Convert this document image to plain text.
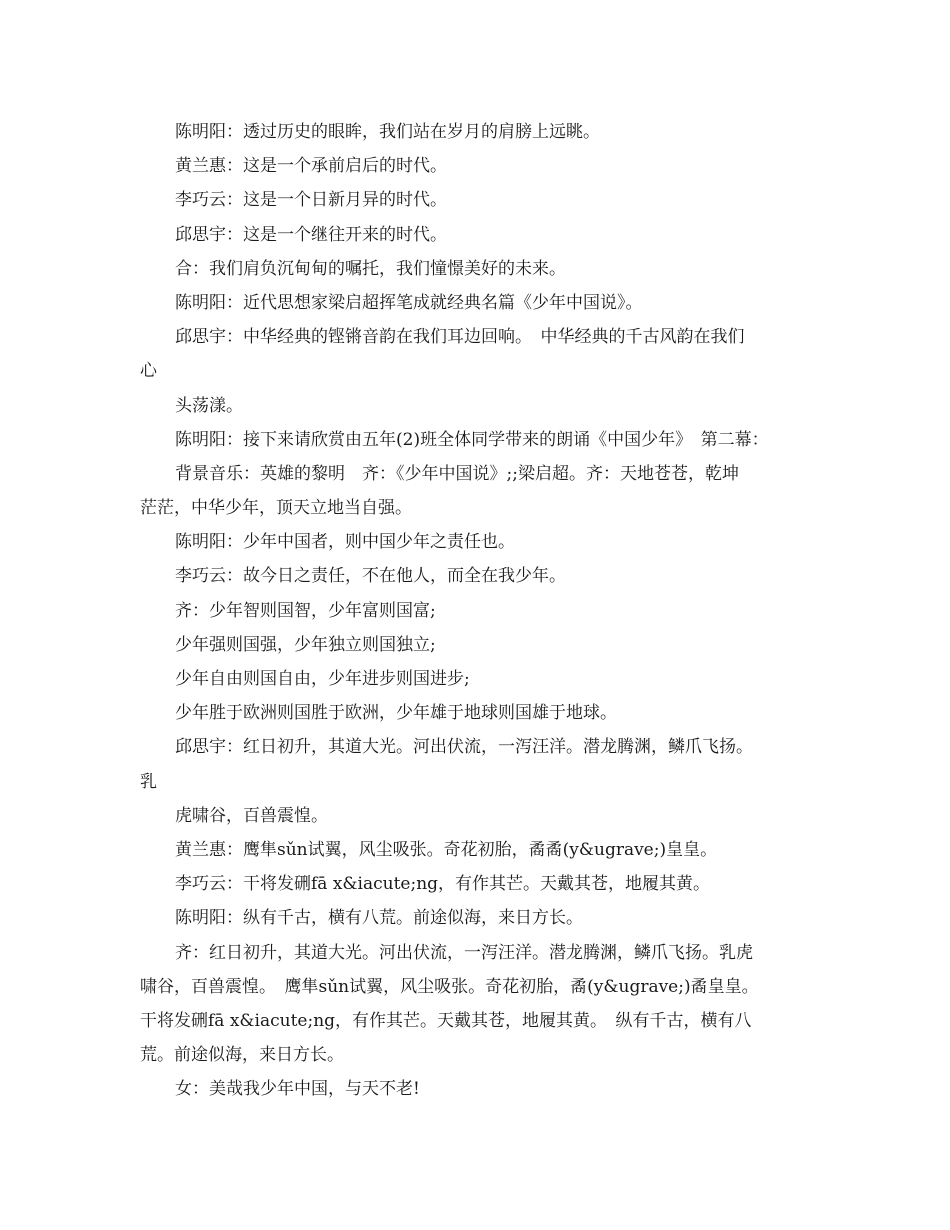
陈明阳：透过历史的眼眸，我们站在岁月的肩膀上远眺。
黄兰惠：这是一个承前启后的时代。
李巧云：这是一个日新月异的时代。
邱思宇：这是一个继往开来的时代。
合：我们肩负沉甸甸的嘱托，我们憧憬美好的未来。
陈明阳：近代思想家梁启超挥笔成就经典名篇《少年中国说》。
邱思宇：中华经典的铿锵音韵在我们耳边回响。　中华经典的千古风韵在我们
心
头荡漾。
陈明阳：接下来请欣赏由五年(2)班全体同学带来的朗诵《中国少年》　第二幕：
背景音乐：英雄的黎明　齐：《少年中国说》;;梁启超。齐：天地苍苍，乾坤
茫茫，中华少年，顶天立地当自强。
陈明阳：少年中国者，则中国少年之责任也。
李巧云：故今日之责任，不在他人，而全在我少年。
齐：少年智则国智，少年富则国富;
少年强则国强，少年独立则国独立;
少年自由则国自由，少年进步则国进步;
少年胜于欧洲则国胜于欧洲，少年雄于地球则国雄于地球。
邱思宇：红日初升，其道大光。河出伏流，一泻汪洋。潜龙腾渊，鳞爪飞扬。
乳
虎啸谷，百兽震惶。
黄兰惠：鹰隼sǔn试翼，风尘吸张。奇花初胎，矞矞(y&ugrave;)皇皇。
李巧云：干将发硎fā x&iacute;ng，有作其芒。天戴其苍，地履其黄。
陈明阳：纵有千古，横有八荒。前途似海，来日方长。
齐：红日初升，其道大光。河出伏流，一泻汪洋。潜龙腾渊，鳞爪飞扬。乳虎
啸谷，百兽震惶。　鹰隼sǔn试翼，风尘吸张。奇花初胎，矞(y&ugrave;)矞皇皇。
干将发硎fā x&iacute;ng，有作其芒。天戴其苍，地履其黄。　纵有千古，横有八
荒。前途似海，来日方长。
女：美哉我少年中国，与天不老!
